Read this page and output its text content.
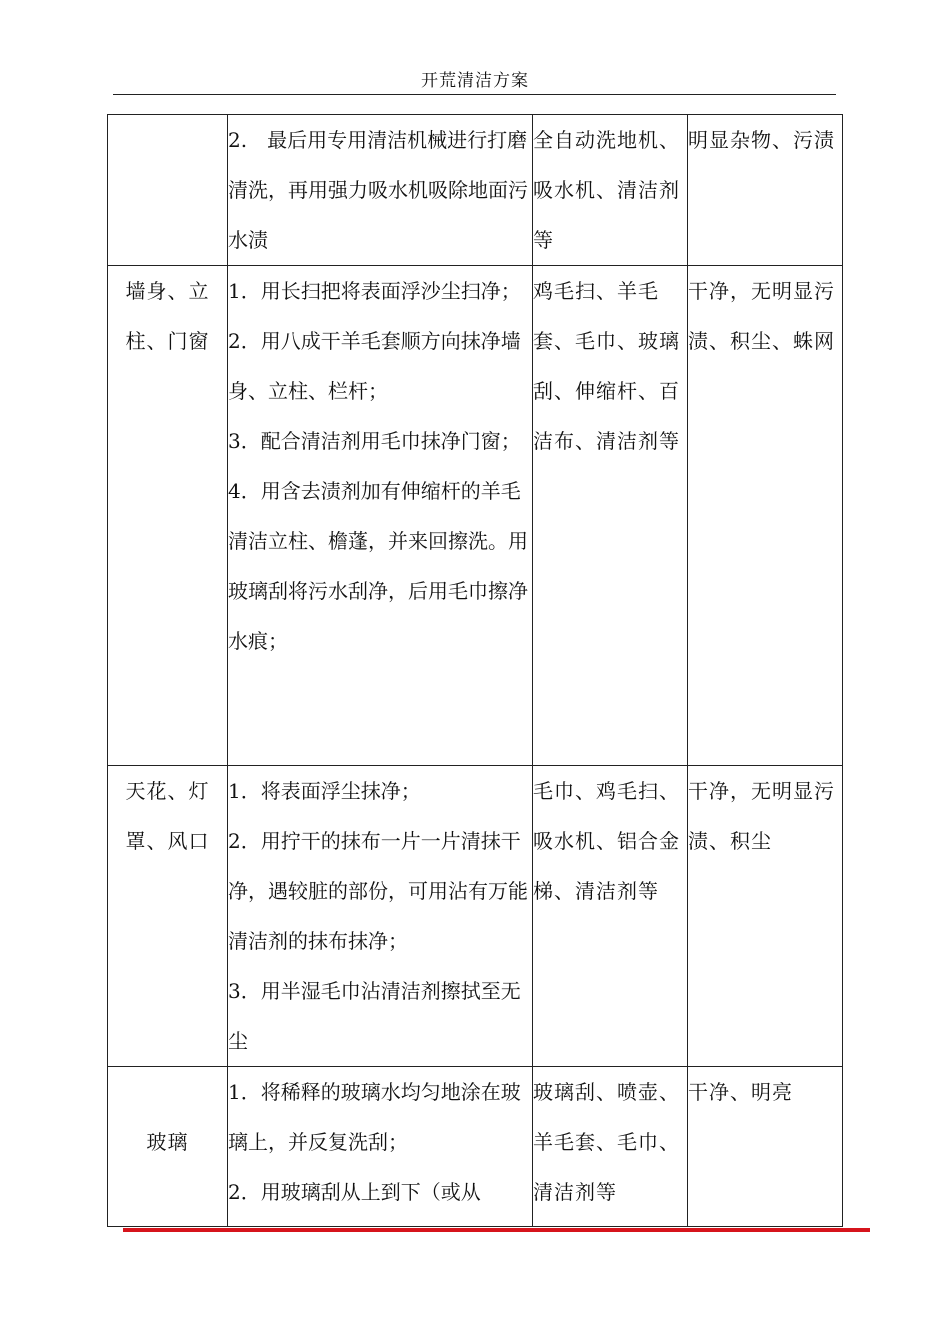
开荒清洁方案

	2.　最后用专用清洁机械进行打磨清洗，再用强力吸水机吸除地面污水渍	全自动洗地机、吸水机、清洁剂等	明显杂物、污渍

墙身、立柱、门窗	1．用长扫把将表面浮沙尘扫净；
2．用八成干羊毛套顺方向抹净墙身、立柱、栏杆；
3．配合清洁剂用毛巾抹净门窗；
4．用含去渍剂加有伸缩杆的羊毛清洁立柱、檐蓬，并来回擦洗。用玻璃刮将污水刮净，后用毛巾擦净水痕；	鸡毛扫、羊毛套、毛巾、玻璃刮、伸缩杆、百洁布、清洁剂等	干净，无明显污渍、积尘、蛛网

天花、灯罩、风口	1．将表面浮尘抹净；
2．用拧干的抹布一片一片清抹干净，遇较脏的部份，可用沾有万能清洁剂的抹布抹净；
3．用半湿毛巾沾清洁剂擦拭至无尘	毛巾、鸡毛扫、吸水机、铝合金梯、清洁剂等	干净，无明显污渍、积尘

玻璃	1．将稀释的玻璃水均匀地涂在玻璃上，并反复洗刮；
2．用玻璃刮从上到下（或从	玻璃刮、喷壶、羊毛套、毛巾、清洁剂等	干净、明亮
